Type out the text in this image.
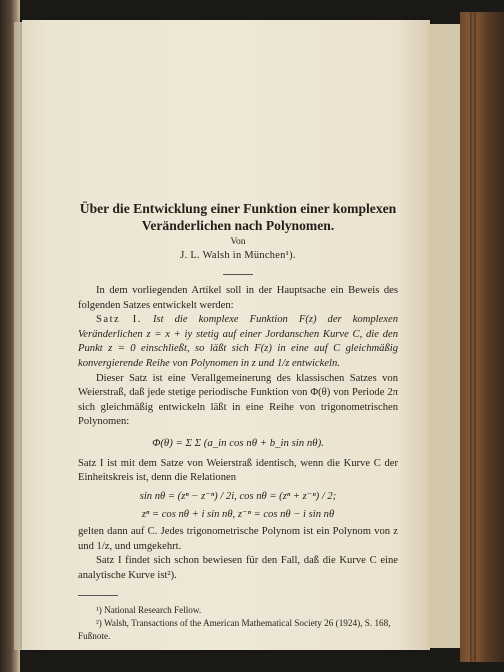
Über die Entwicklung einer Funktion einer komplexen
Veränderlichen nach Polynomen.
Von
J. L. Walsh in München¹).

In dem vorliegenden Artikel soll in der Hauptsache ein Beweis des folgenden Satzes entwickelt werden:

Satz I. Ist die komplexe Funktion F(z) der komplexen Veränderlichen z = x + iy stetig auf einer Jordanschen Kurve C, die den Punkt z = 0 einschließt, so läßt sich F(z) in eine auf C gleichmäßig konvergierende Reihe von Polynomen in z und 1/z entwickeln.

Dieser Satz ist eine Verallgemeinerung des klassischen Satzes von Weierstraß, daß jede stetige periodische Funktion von Φ(θ) von Periode 2π sich gleichmäßig entwickeln läßt in eine Reihe von trigonometrischen Polynomen:

Φ(θ) = Σ Σ (a_in cos nθ + b_in sin nθ).

Satz I ist mit dem Satze von Weierstraß identisch, wenn die Kurve C der Einheitskreis ist, denn die Relationen

sin nθ = (zⁿ − z⁻ⁿ) / 2i, cos nθ = (zⁿ + z⁻ⁿ) / 2;
zⁿ = cos nθ + i sin nθ, z⁻ⁿ = cos nθ − i sin nθ

gelten dann auf C. Jedes trigonometrische Polynom ist ein Polynom von z und 1/z, und umgekehrt.

Satz I findet sich schon bewiesen für den Fall, daß die Kurve C eine analytische Kurve ist²).

¹) National Research Fellow.

²) Walsh, Transactions of the American Mathematical Society 26 (1924), S. 168,

Fußnote.
